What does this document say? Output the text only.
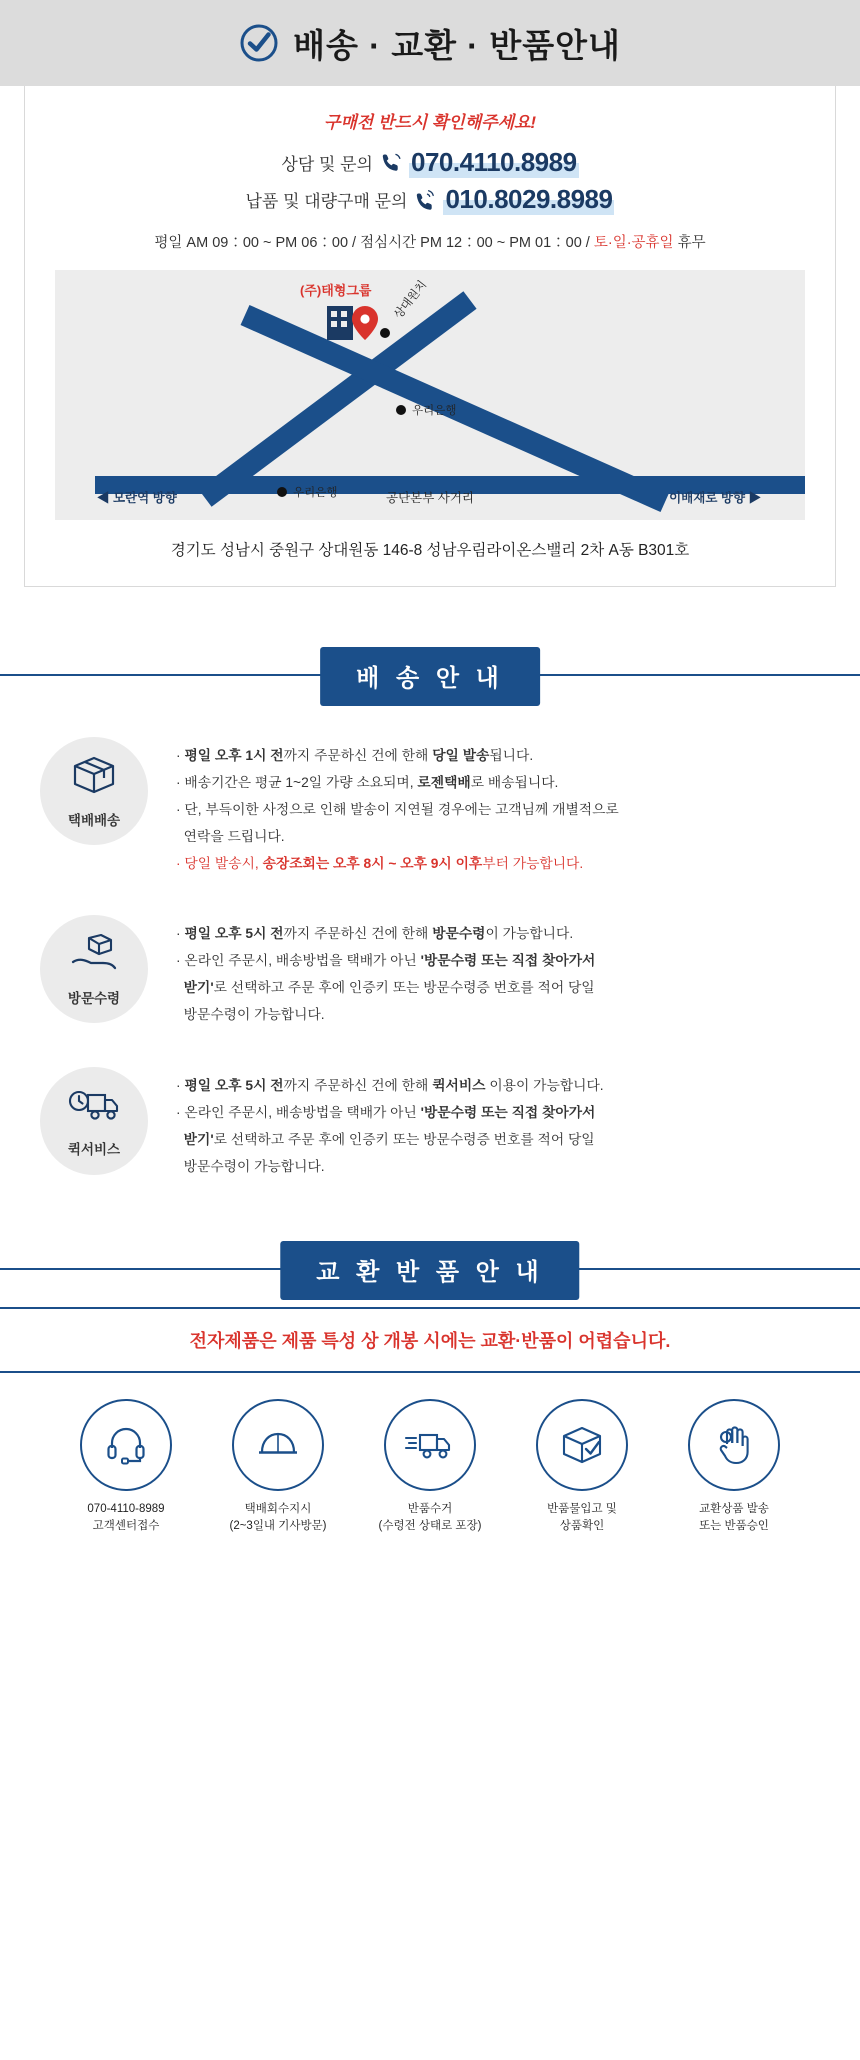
배송 · 교환 · 반품안내
구매전 반드시 확인해주세요!
상담 및 문의 070.4110.8989
납품 및 대량구매 문의 010.8029.8989
평일 AM 09：00 ~ PM 06：00 / 점심시간 PM 12：00 ~ PM 01：00 / 토·일·공휴일 휴무
(주)태형그룹 상대원치
우리은행
우리은행
◀ 모란역 방향	공단본부 사거리	이배재로 방향 ▶
경기도 성남시 중원구 상대원동 146-8 성남우림라이온스밸리 2차 A동 B301호
배 송 안 내
택배배송

· 평일 오후 1시 전까지 주문하신 건에 한해 당일 발송됩니다.

· 배송기간은 평균 1~2일 가량 소요되며, 로젠택배로 배송됩니다.

· 단, 부득이한 사정으로 인해 발송이 지연될 경우에는 고객님께 개별적으로
연락을 드립니다.

· 당일 발송시, 송장조회는 오후 8시 ~ 오후 9시 이후부터 가능합니다.

방문수령

· 평일 오후 5시 전까지 주문하신 건에 한해 방문수령이 가능합니다.

· 온라인 주문시, 배송방법을 택배가 아닌 '방문수령 또는 직접 찾아가서

받기'로 선택하고 주문 후에 인증키 또는 방문수령증 번호를 적어 당일

방문수령이 가능합니다.

퀵서비스

· 평일 오후 5시 전까지 주문하신 건에 한해 퀵서비스 이용이 가능합니다.

· 온라인 주문시, 배송방법을 택배가 아닌 '방문수령 또는 직접 찾아가서

받기'로 선택하고 주문 후에 인증키 또는 방문수령증 번호를 적어 당일

방문수령이 가능합니다.

교 환 반 품 안 내
전자제품은 제품 특성 상 개봉 시에는 교환·반품이 어렵습니다.
070-4110-8989
고객센터접수
택배회수지시
(2~3일내 기사방문)
반품수거
(수령전 상태로 포장)
반품물입고 및
상품확인
교환상품 발송
또는 반품승인
